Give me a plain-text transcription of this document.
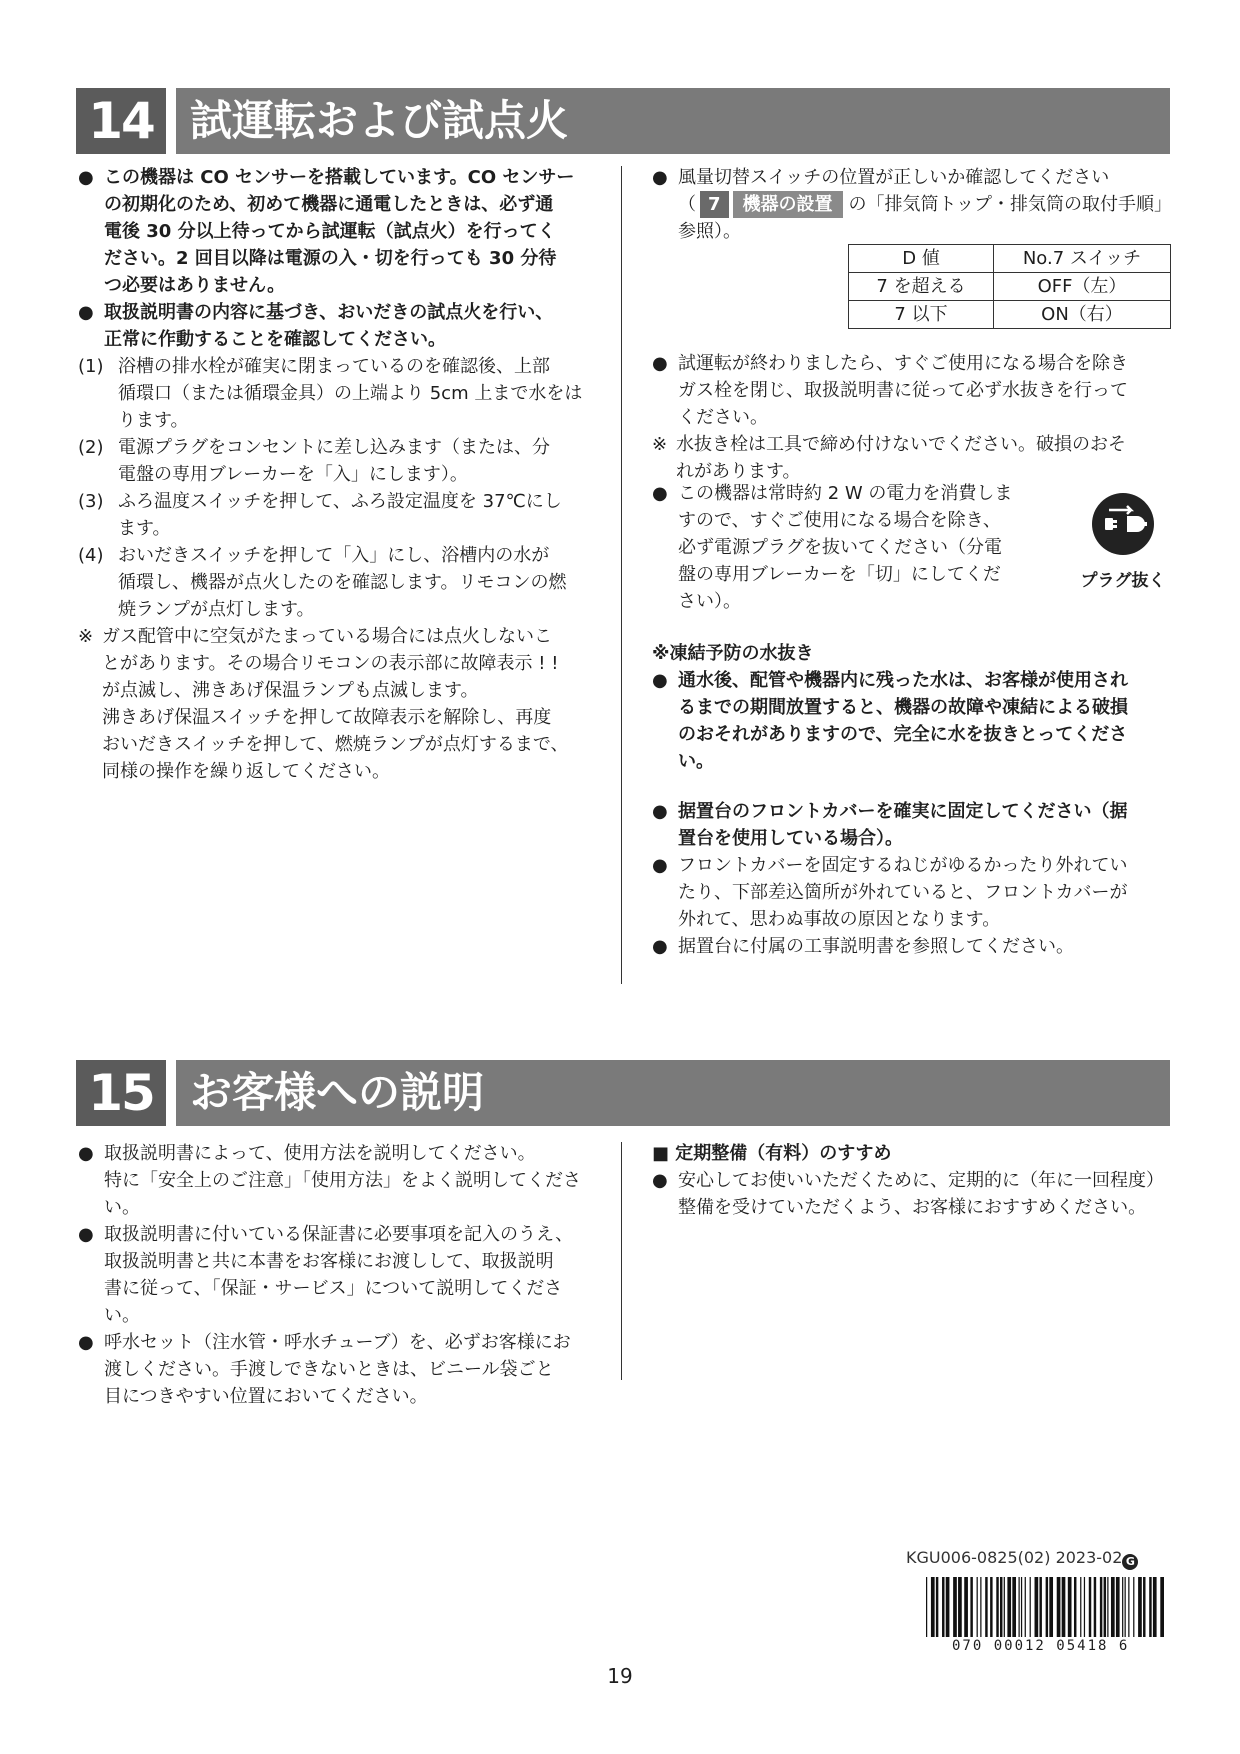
14 試運転および試点火
● この機器は CO センサーを搭載しています。CO センサー
の初期化のため、初めて機器に通電したときは、必ず通
電後 30 分以上待ってから試運転（試点火）を行ってく
ださい。2 回目以降は電源の入・切を行っても 30 分待
つ必要はありません。
● 取扱説明書の内容に基づき、おいだきの試点火を行い、
正常に作動することを確認してください。
(1) 浴槽の排水栓が確実に閉まっているのを確認後、上部
循環口（または循環金具）の上端より 5cm 上まで水をは
ります。
(2) 電源プラグをコンセントに差し込みます（または、分
電盤の専用ブレーカーを「入」にします）。
(3) ふろ温度スイッチを押して、ふろ設定温度を 37℃にし
ます。
(4) おいだきスイッチを押して「入」にし、浴槽内の水が
循環し、機器が点火したのを確認します。リモコンの燃
焼ランプが点灯します。
※ ガス配管中に空気がたまっている場合には点火しないこ
とがあります。その場合リモコンの表示部に故障表示 ! !
が点滅し、沸きあげ保温ランプも点滅します。
沸きあげ保温スイッチを押して故障表示を解除し、再度
おいだきスイッチを押して、燃焼ランプが点灯するまで、
同様の操作を繰り返してください。
● 風量切替スイッチの位置が正しいか確認してください
（ 7 機器の設置 の「排気筒トップ・排気筒の取付手順」
参照）。
D 値	No.7 スイッチ
7 を超える	OFF（左）
7 以下	ON（右）
● 試運転が終わりましたら、すぐご使用になる場合を除き
ガス栓を閉じ、取扱説明書に従って必ず水抜きを行って
ください。
※ 水抜き栓は工具で締め付けないでください。破損のおそ
れがあります。
● この機器は常時約 2 W の電力を消費しま
すので、すぐご使用になる場合を除き、
必ず電源プラグを抜いてください（分電
盤の専用ブレーカーを「切」にしてくだ
さい）。
プラグ抜く

※凍結予防の水抜き

● 通水後、配管や機器内に残った水は、お客様が使用され
るまでの期間放置すると、機器の故障や凍結による破損
のおそれがありますので、完全に水を抜きとってくださ
い。
● 据置台のフロントカバーを確実に固定してください（据
置台を使用している場合）。
● フロントカバーを固定するねじがゆるかったり外れてい
たり、下部差込箇所が外れていると、フロントカバーが
外れて、思わぬ事故の原因となります。
● 据置台に付属の工事説明書を参照してください。
15 お客様への説明
● 取扱説明書によって、使用方法を説明してください。
特に「安全上のご注意」「使用方法」をよく説明してくださ
い。
● 取扱説明書に付いている保証書に必要事項を記入のうえ、
取扱説明書と共に本書をお客様にお渡しして、取扱説明
書に従って、「保証・サービス」について説明してください。
● 呼水セット（注水管・呼水チューブ）を、必ずお客様にお
渡しください。手渡しできないときは、ビニール袋ごと
目につきやすい位置においてください。

■ 定期整備（有料）のすすめ

● 安心してお使いいただくために、定期的に（年に一回程度）
整備を受けていただくよう、お客様におすすめください。
KGU006-0825(02) 2023-02 G
070 00012 05418 6
19
